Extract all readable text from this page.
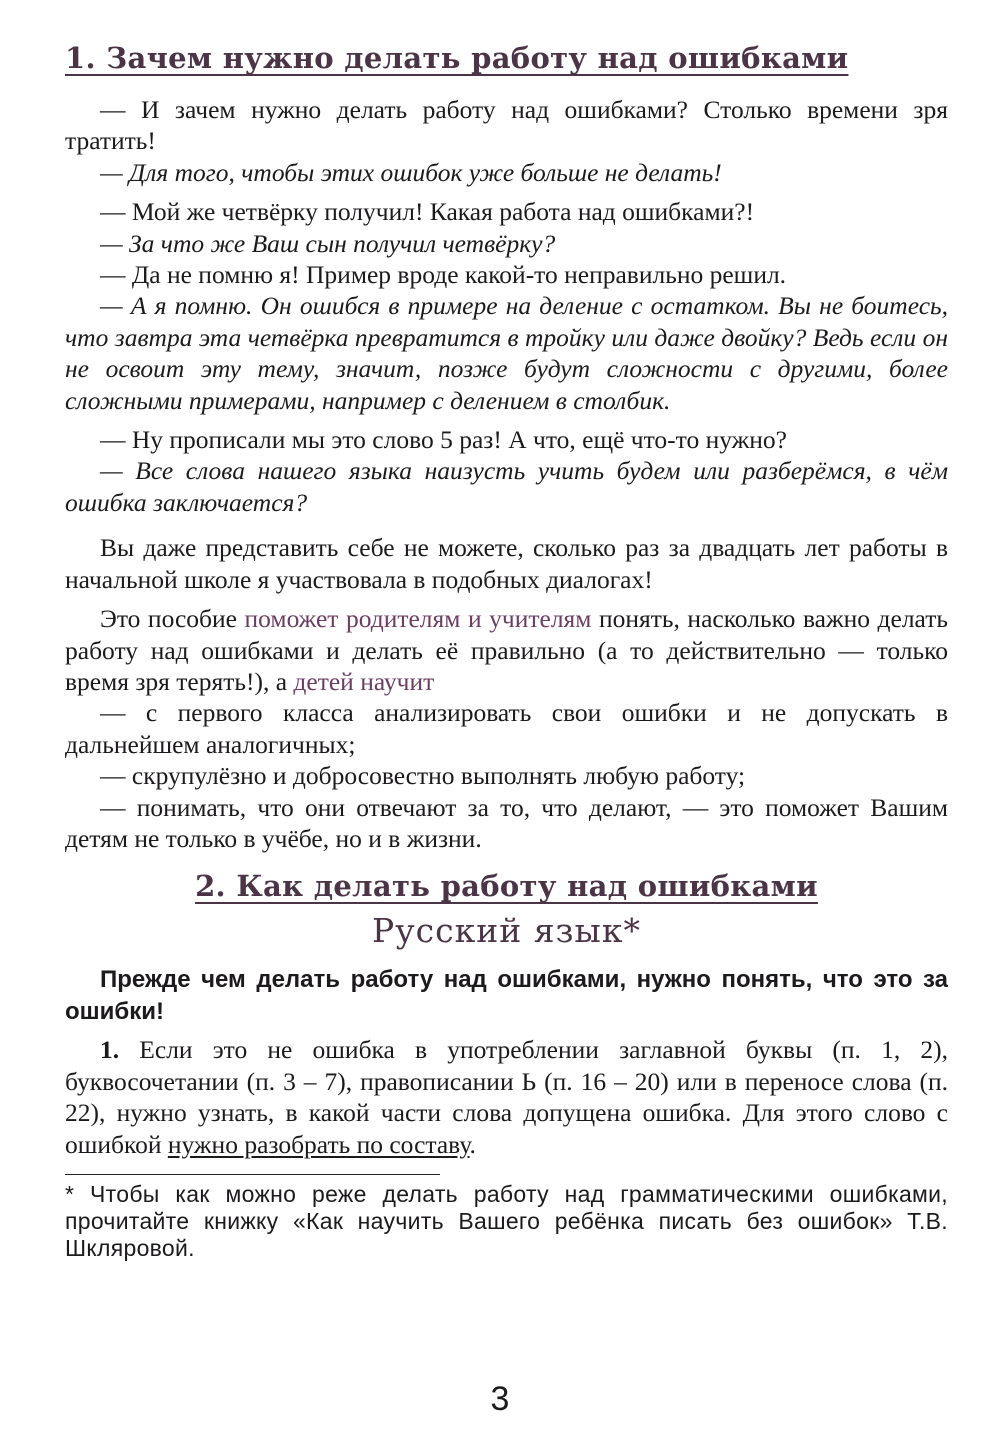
1. Зачем нужно делать работу над ошибками

— И зачем нужно делать работу над ошибками? Столько времени зря тратить!

— Для того, чтобы этих ошибок уже больше не делать!

— Мой же четвёрку получил! Какая работа над ошибками?!

— За что же Ваш сын получил четвёрку?

— Да не помню я! Пример вроде какой-то неправильно решил.

— А я помню. Он ошибся в примере на деление с остатком. Вы не боитесь, что завтра эта четвёрка превратится в тройку или даже двойку? Ведь если он не освоит эту тему, значит, позже будут сложности с другими, более сложными примерами, например с делением в столбик.

— Ну прописали мы это слово 5 раз! А что, ещё что-то нужно?

— Все слова нашего языка наизусть учить будем или разберёмся, в чём ошибка заключается?

Вы даже представить себе не можете, сколько раз за двадцать лет работы в начальной школе я участвовала в подобных диалогах!

Это пособие поможет родителям и учителям понять, насколько важно делать работу над ошибками и делать её правильно (а то действительно — только время зря терять!), а детей научит

— с первого класса анализировать свои ошибки и не допускать в дальнейшем аналогичных;

— скрупулёзно и добросовестно выполнять любую работу;

— понимать, что они отвечают за то, что делают, — это поможет Вашим детям не только в учёбе, но и в жизни.

2. Как делать работу над ошибками
Русский язык*

Прежде чем делать работу над ошибками, нужно понять, что это за ошибки!

1. Если это не ошибка в употреблении заглавной буквы (п. 1, 2), буквосочетании (п. 3 – 7), правописании Ь (п. 16 – 20) или в переносе слова (п. 22), нужно узнать, в какой части слова допущена ошибка. Для этого слово с ошибкой нужно разобрать по составу.

* Чтобы как можно реже делать работу над грамматическими ошибками, прочитайте книжку «Как научить Вашего ребёнка писать без ошибок» Т.В. Шкляровой.

3
